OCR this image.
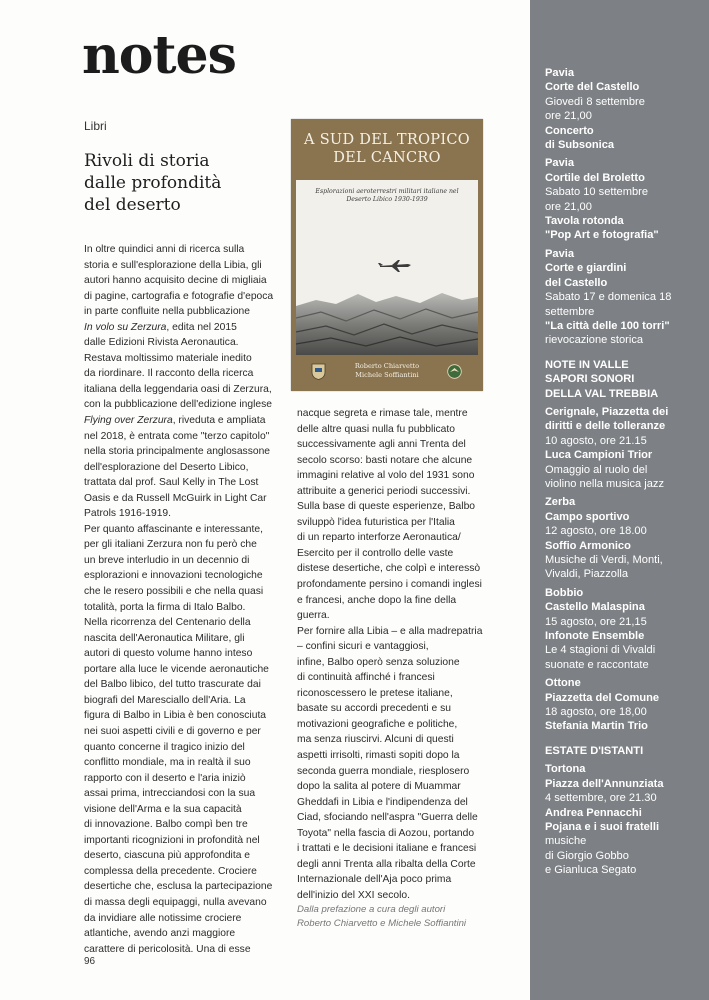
notes
Libri
Rivoli di storia
dalle profondità
del deserto

In oltre quindici anni di ricerca sulla

storia e sull'esplorazione della Libia, gli

autori hanno acquisito decine di migliaia

di pagine, cartografia e fotografie d'epoca

in parte confluite nella pubblicazione

In volo su Zerzura, edita nel 2015

dalle Edizioni Rivista Aeronautica.

Restava moltissimo materiale inedito

da riordinare. Il racconto della ricerca

italiana della leggendaria oasi di Zerzura,

con la pubblicazione dell'edizione inglese

Flying over Zerzura, riveduta e ampliata

nel 2018, è entrata come "terzo capitolo"

nella storia principalmente anglosassone

dell'esplorazione del Deserto Libico,

trattata dal prof. Saul Kelly in The Lost

Oasis e da Russell McGuirk in Light Car

Patrols 1916-1919.

Per quanto affascinante e interessante,

per gli italiani Zerzura non fu però che

un breve interludio in un decennio di

esplorazioni e innovazioni tecnologiche

che le resero possibili e che nella quasi

totalità, porta la firma di Italo Balbo.

Nella ricorrenza del Centenario della

nascita dell'Aeronautica Militare, gli

autori di questo volume hanno inteso

portare alla luce le vicende aeronautiche

del Balbo libico, del tutto trascurate dai

biografi del Maresciallo dell'Aria. La

figura di Balbo in Libia è ben conosciuta

nei suoi aspetti civili e di governo e per

quanto concerne il tragico inizio del

conflitto mondiale, ma in realtà il suo

rapporto con il deserto e l'aria iniziò

assai prima, intrecciandosi con la sua

visione dell'Arma e la sua capacità

di innovazione. Balbo compì ben tre

importanti ricognizioni in profondità nel

deserto, ciascuna più approfondita e

complessa della precedente. Crociere

desertiche che, esclusa la partecipazione

di massa degli equipaggi, nulla avevano

da invidiare alle notissime crociere

atlantiche, avendo anzi maggiore

carattere di pericolosità. Una di esse

nacque segreta e rimase tale, mentre

delle altre quasi nulla fu pubblicato

successivamente agli anni Trenta del

secolo scorso: basti notare che alcune

immagini relative al volo del 1931 sono

attribuite a generici periodi successivi.

Sulla base di queste esperienze, Balbo

sviluppò l'idea futuristica per l'Italia

di un reparto interforze Aeronautica/

Esercito per il controllo delle vaste

distese desertiche, che colpì e interessò

profondamente persino i comandi inglesi

e francesi, anche dopo la fine della

guerra.

Per fornire alla Libia – e alla madrepatria

– confini sicuri e vantaggiosi,

infine, Balbo operò senza soluzione

di continuità affinché i francesi

riconoscessero le pretese italiane,

basate su accordi precedenti e su

motivazioni geografiche e politiche,

ma senza riuscirvi. Alcuni di questi

aspetti irrisolti, rimasti sopiti dopo la

seconda guerra mondiale, riesplosero

dopo la salita al potere di Muammar

Gheddafi in Libia e l'indipendenza del

Ciad, sfociando nell'aspra "Guerra delle

Toyota" nella fascia di Aozou, portando

i trattati e le decisioni italiane e francesi

degli anni Trenta alla ribalta della Corte

Internazionale dell'Aja poco prima

dell'inizio del XXI secolo.

Dalla prefazione a cura degli autori
Roberto Chiarvetto e Michele Soffiantini
96
A SUD DEL TROPICO
DEL CANCRO
Esplorazioni aeroterrestri militari italiane nel
Deserto Libico 1930-1939
Roberto Chiarvetto
Michele Soffiantini
Pavia
Corte del Castello
Giovedì 8 settembre
ore 21,00
Concerto
di Subsonica
Pavia
Cortile del Broletto
Sabato 10 settembre
ore 21,00
Tavola rotonda
"Pop Art e fotografia"
Pavia
Corte e giardini
del Castello
Sabato 17 e domenica 18
settembre
"La città delle 100 torri"
rievocazione storica
NOTE IN VALLE
SAPORI SONORI
DELLA VAL TREBBIA
Cerignale, Piazzetta dei
diritti e delle tolleranze
10 agosto, ore 21.15
Luca Campioni Trior
Omaggio al ruolo del
violino nella musica jazz
Zerba
Campo sportivo
12 agosto, ore 18.00
Soffio Armonico
Musiche di Verdi, Monti,
Vivaldi, Piazzolla
Bobbio
Castello Malaspina
15 agosto, ore 21,15
Infonote Ensemble
Le 4 stagioni di Vivaldi
suonate e raccontate
Ottone
Piazzetta del Comune
18 agosto, ore 18,00
Stefania Martin Trio
ESTATE D'ISTANTI
Tortona
Piazza dell'Annunziata
4 settembre, ore 21.30
Andrea Pennacchi
Pojana e i suoi fratelli
musiche
di Giorgio Gobbo
e Gianluca Segato
